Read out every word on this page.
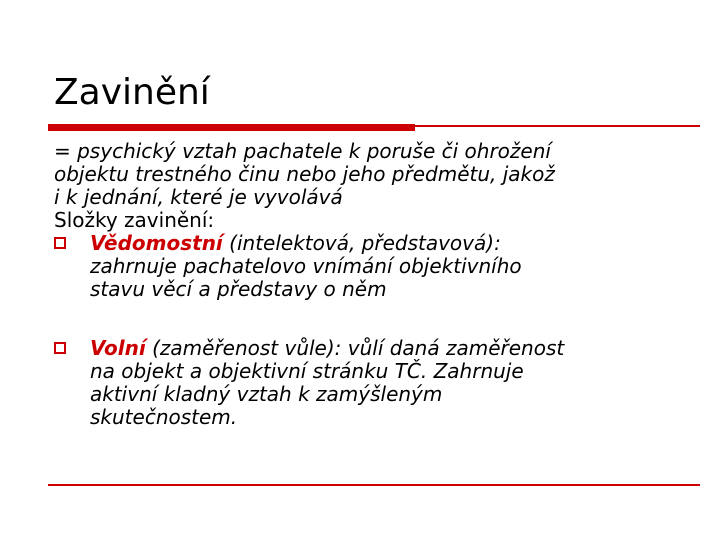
Zavinění
= psychický vztah pachatele k poruše či ohrožení
objektu trestného činu nebo jeho předmětu, jakož
i k jednání, které je vyvolává
Složky zavinění:
Vědomostní (intelektová, představová):
zahrnuje pachatelovo vnímání objektivního
stavu věcí a představy o něm
Volní (zaměřenost vůle): vůlí daná zaměřenost
na objekt a objektivní stránku TČ. Zahrnuje
aktivní kladný vztah k zamýšleným
skutečnostem.
